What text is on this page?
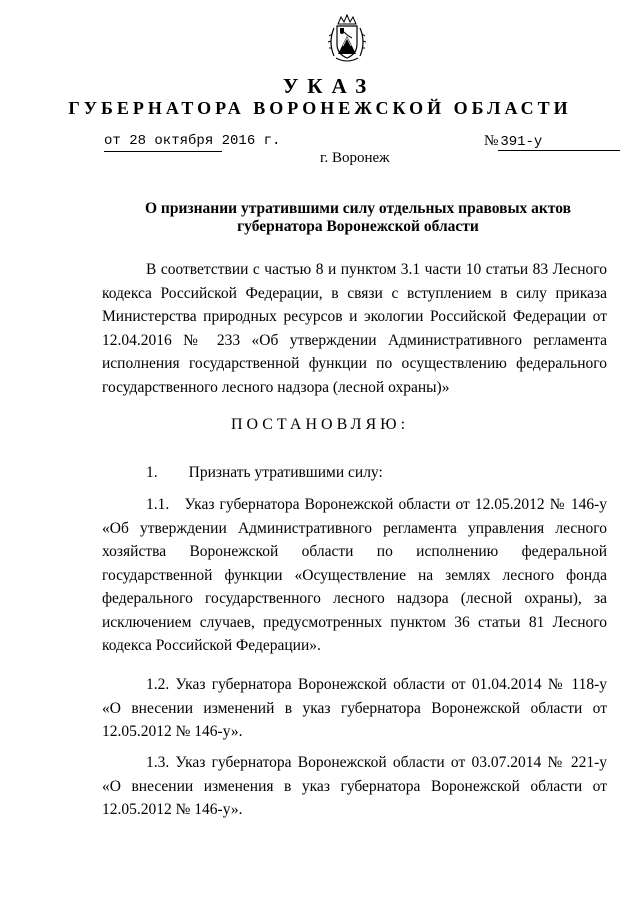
УКАЗ
ГУБЕРНАТОРА ВОРОНЕЖСКОЙ ОБЛАСТИ
от 28 октября 2016 г.	№ 391-у
г. Воронеж
О признании утратившими силу отдельных правовых актов
губернатора Воронежской области
В соответствии с частью 8 и пунктом 3.1 части 10 статьи 83 Лесного кодекса Российской Федерации, в связи с вступлением в силу приказа Министерства природных ресурсов и экологии Российской Федерации от 12.04.2016 № 233 «Об утверждении Административного регламента исполнения государственной функции по осуществлению федерального государственного лесного надзора (лесной охраны)»
ПОСТАНОВЛЯЮ:
1.        Признать утратившими силу:
1.1.   Указ губернатора Воронежской области от 12.05.2012 № 146-у «Об утверждении Административного регламента управления лесного хозяйства Воронежской области по исполнению федеральной государственной функции «Осуществление на землях лесного фонда федерального государственного лесного надзора (лесной охраны), за исключением случаев, предусмотренных пунктом 36 статьи 81 Лесного кодекса Российской Федерации».
1.2. Указ губернатора Воронежской области от 01.04.2014 № 118-у «О внесении изменений в указ губернатора Воронежской области от 12.05.2012 № 146-у».
1.3. Указ губернатора Воронежской области от 03.07.2014 № 221-у «О внесении изменения в указ губернатора Воронежской области от 12.05.2012 № 146-у».
